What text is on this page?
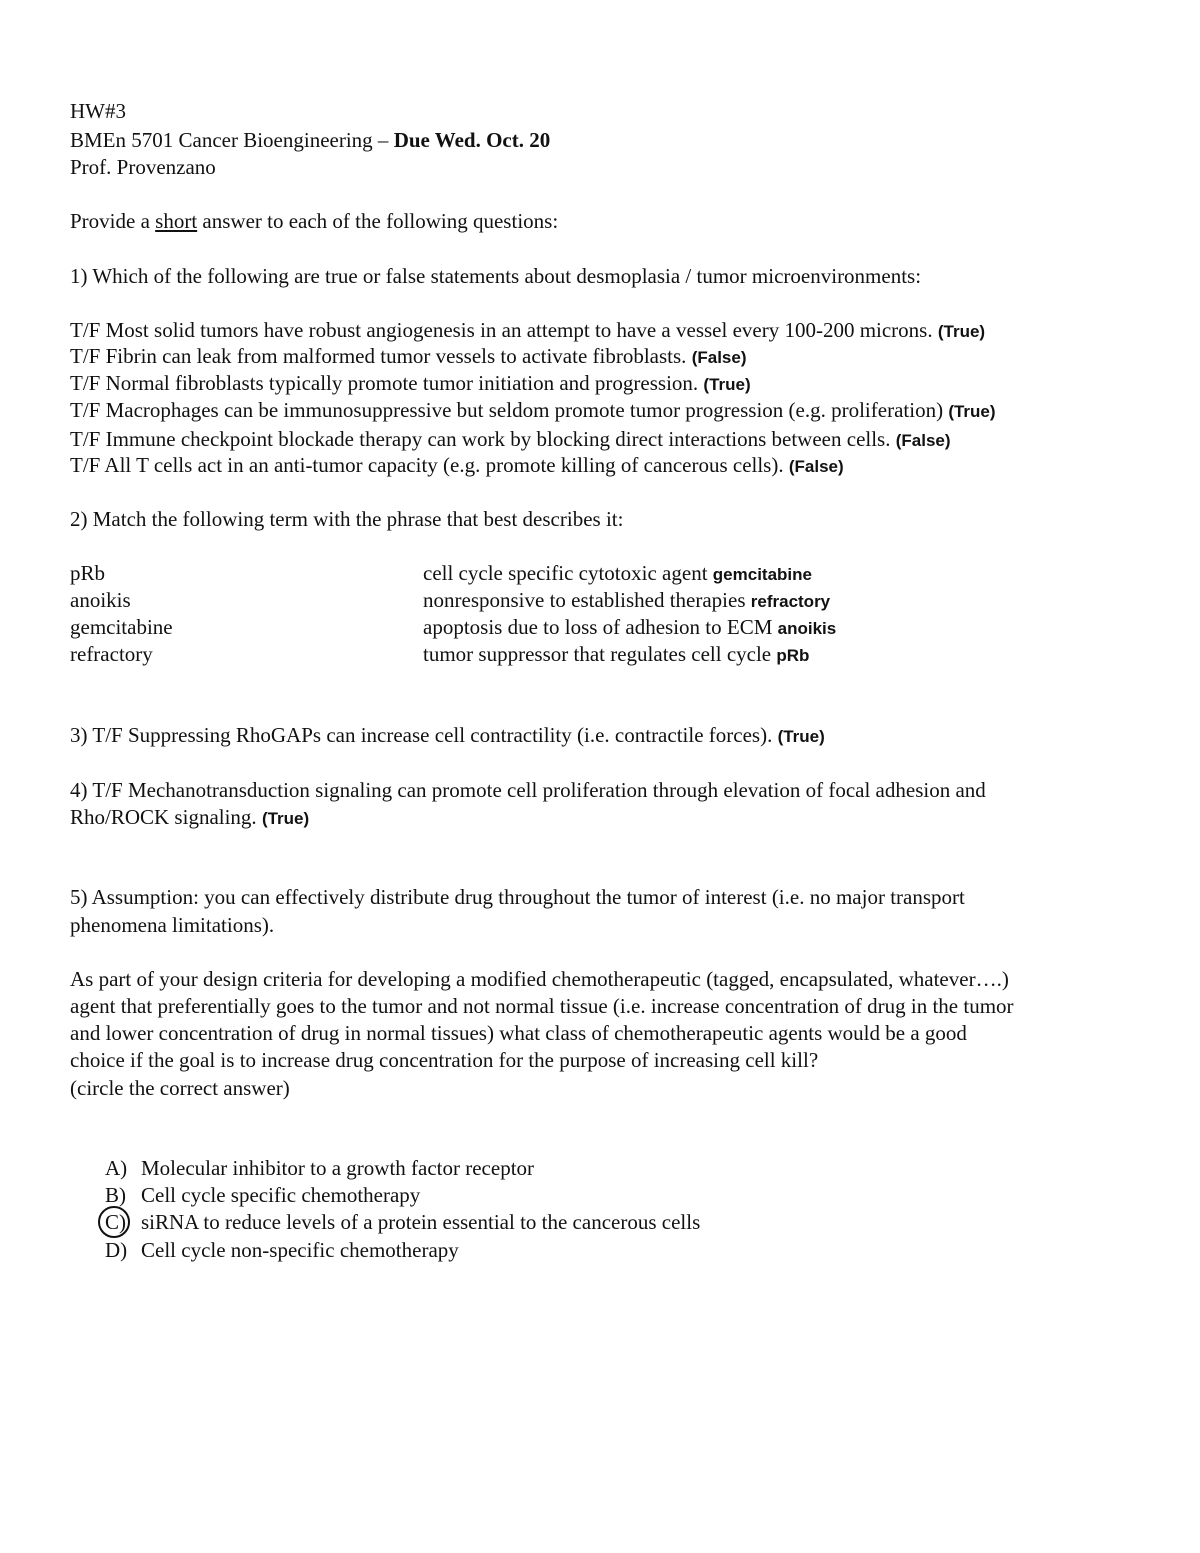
HW#3
BMEn 5701 Cancer Bioengineering – Due Wed. Oct. 20
Prof. Provenzano
Provide a short answer to each of the following questions:
1) Which of the following are true or false statements about desmoplasia / tumor microenvironments:
T/F Most solid tumors have robust angiogenesis in an attempt to have a vessel every 100-200 microns. (True)
T/F Fibrin can leak from malformed tumor vessels to activate fibroblasts. (False)
T/F Normal fibroblasts typically promote tumor initiation and progression. (True)
T/F Macrophages can be immunosuppressive but seldom promote tumor progression (e.g. proliferation) (True)
T/F Immune checkpoint blockade therapy can work by blocking direct interactions between cells. (False)
T/F All T cells act in an anti-tumor capacity (e.g. promote killing of cancerous cells). (False)
2) Match the following term with the phrase that best describes it:
pRb	cell cycle specific cytotoxic agent gemcitabine
anoikis	nonresponsive to established therapies refractory
gemcitabine	apoptosis due to loss of adhesion to ECM anoikis
refractory	tumor suppressor that regulates cell cycle pRb
3) T/F Suppressing RhoGAPs can increase cell contractility (i.e. contractile forces). (True)
4) T/F Mechanotransduction signaling can promote cell proliferation through elevation of focal adhesion and
Rho/ROCK signaling. (True)
5) Assumption: you can effectively distribute drug throughout the tumor of interest (i.e. no major transport
phenomena limitations).
As part of your design criteria for developing a modified chemotherapeutic (tagged, encapsulated, whatever….)
agent that preferentially goes to the tumor and not normal tissue (i.e. increase concentration of drug in the tumor
and lower concentration of drug in normal tissues) what class of chemotherapeutic agents would be a good
choice if the goal is to increase drug concentration for the purpose of increasing cell kill?
(circle the correct answer)
A) Molecular inhibitor to a growth factor receptor
B) Cell cycle specific chemotherapy
C) siRNA to reduce levels of a protein essential to the cancerous cells
D) Cell cycle non-specific chemotherapy
